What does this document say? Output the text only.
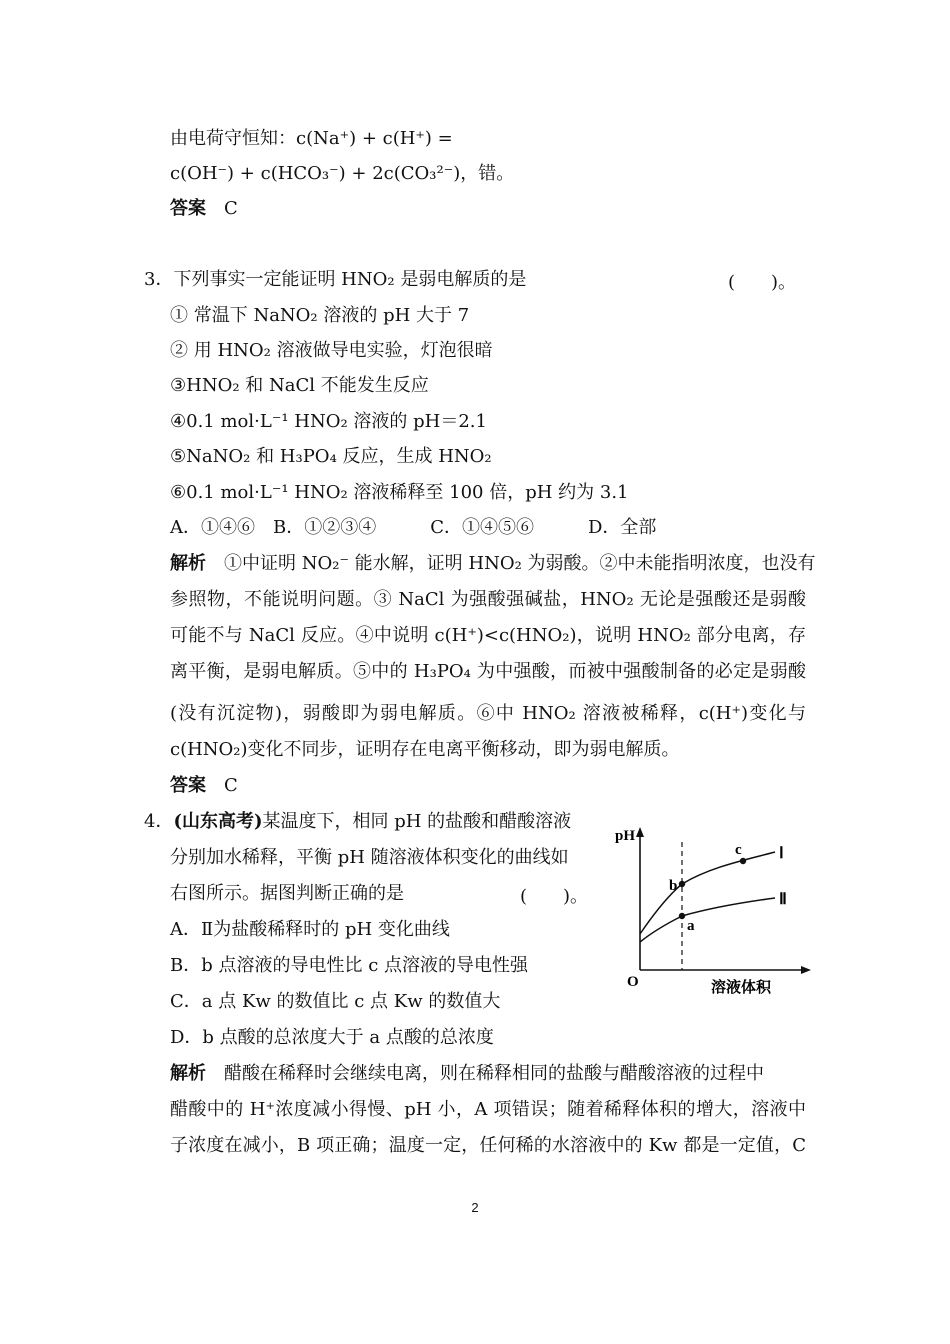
由电荷守恒知：c(Na⁺) + c(H⁺) =
c(OH⁻) + c(HCO₃⁻) + 2c(CO₃²⁻)，错。
答案 C
3．下列事实一定能证明 HNO₂ 是弱电解质的是	(　　)。
① 常温下 NaNO₂ 溶液的 pH 大于 7
② 用 HNO₂ 溶液做导电实验，灯泡很暗
③HNO₂ 和 NaCl 不能发生反应
④0.1 mol·L⁻¹ HNO₂ 溶液的 pH＝2.1
⑤NaNO₂ 和 H₃PO₄ 反应，生成 HNO₂
⑥0.1 mol·L⁻¹ HNO₂ 溶液稀释至 100 倍，pH 约为 3.1
A．①④⑥　B．①②③④　　　C．①④⑤⑥　　　D．全部
解析 ①中证明 NO₂⁻ 能水解，证明 HNO₂ 为弱酸。②中未能指明浓度，也没有
参照物，不能说明问题。③ NaCl 为强酸强碱盐，HNO₂ 无论是强酸还是弱酸
可能不与 NaCl 反应。④中说明 c(H⁺)<c(HNO₂)，说明 HNO₂ 部分电离，存
离平衡，是弱电解质。⑤中的 H₃PO₄ 为中强酸，而被中强酸制备的必定是弱酸
(没有沉淀物)，弱酸即为弱电解质。⑥中 HNO₂ 溶液被稀释，c(H⁺)变化与
c(HNO₂)变化不同步，证明存在电离平衡移动，即为弱电解质。
答案 C
4．(山东高考)某温度下，相同 pH 的盐酸和醋酸溶液
分别加水稀释，平衡 pH 随溶液体积变化的曲线如
右图所示。据图判断正确的是	(　　)。
A．Ⅱ为盐酸稀释时的 pH 变化曲线
B．b 点溶液的导电性比 c 点溶液的导电性强
C．a 点 Kw 的数值比 c 点 Kw 的数值大
D．b 点酸的总浓度大于 a 点酸的总浓度
解析 醋酸在稀释时会继续电离，则在稀释相同的盐酸与醋酸溶液的过程中
醋酸中的 H⁺浓度减小得慢、pH 小，A 项错误；随着稀释体积的增大，溶液中
子浓度在减小，B 项正确；温度一定，任何稀的水溶液中的 Kw 都是一定值，C
pH
O	溶液体积
Ⅰ
Ⅱ
b
a
c
2
